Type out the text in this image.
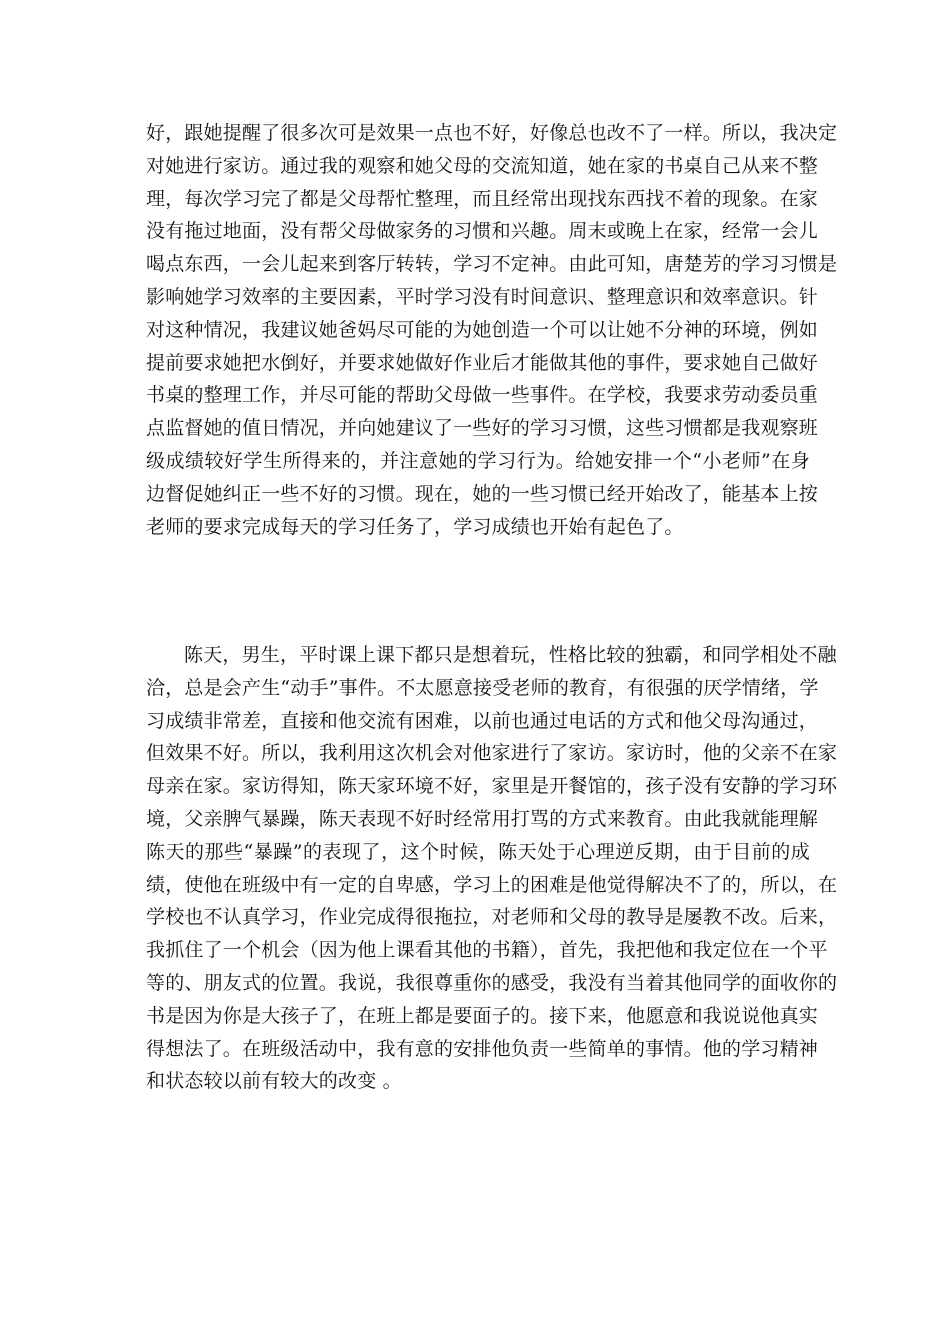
好，跟她提醒了很多次可是效果一点也不好，好像总也改不了一样。所以，我决定
对她进行家访。通过我的观察和她父母的交流知道，她在家的书桌自己从来不整
理，每次学习完了都是父母帮忙整理，而且经常出现找东西找不着的现象。在家
没有拖过地面，没有帮父母做家务的习惯和兴趣。周末或晚上在家，经常一会儿
喝点东西，一会儿起来到客厅转转，学习不定神。由此可知，唐楚芳的学习习惯是
影响她学习效率的主要因素，平时学习没有时间意识、整理意识和效率意识。针
对这种情况，我建议她爸妈尽可能的为她创造一个可以让她不分神的环境，例如
提前要求她把水倒好，并要求她做好作业后才能做其他的事件，要求她自己做好
书桌的整理工作，并尽可能的帮助父母做一些事件。在学校，我要求劳动委员重
点监督她的值日情况，并向她建议了一些好的学习习惯，这些习惯都是我观察班
级成绩较好学生所得来的，并注意她的学习行为。给她安排一个“小老师”在身
边督促她纠正一些不好的习惯。现在，她的一些习惯已经开始改了，能基本上按
老师的要求完成每天的学习任务了，学习成绩也开始有起色了。
陈天，男生，平时课上课下都只是想着玩，性格比较的独霸，和同学相处不融
洽，总是会产生“动手”事件。不太愿意接受老师的教育，有很强的厌学情绪，学
习成绩非常差，直接和他交流有困难，以前也通过电话的方式和他父母沟通过，
但效果不好。所以，我利用这次机会对他家进行了家访。家访时，他的父亲不在家
母亲在家。家访得知，陈天家环境不好，家里是开餐馆的，孩子没有安静的学习环
境，父亲脾气暴躁，陈天表现不好时经常用打骂的方式来教育。由此我就能理解
陈天的那些“暴躁”的表现了，这个时候，陈天处于心理逆反期，由于目前的成
绩，使他在班级中有一定的自卑感，学习上的困难是他觉得解决不了的，所以，在
学校也不认真学习，作业完成得很拖拉，对老师和父母的教导是屡教不改。后来，
我抓住了一个机会（因为他上课看其他的书籍），首先，我把他和我定位在一个平
等的、朋友式的位置。我说，我很尊重你的感受，我没有当着其他同学的面收你的
书是因为你是大孩子了，在班上都是要面子的。接下来，他愿意和我说说他真实
得想法了。在班级活动中，我有意的安排他负责一些简单的事情。他的学习精神
和状态较以前有较大的改变 。
